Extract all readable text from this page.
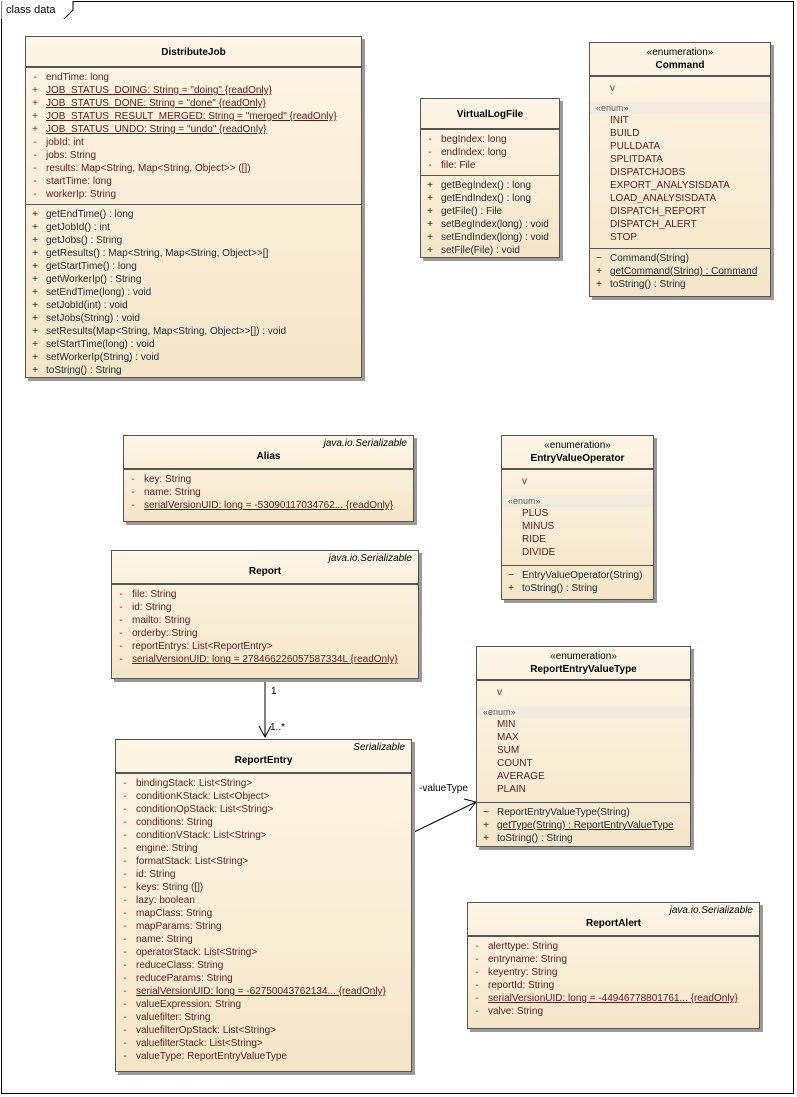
class data
1
1..*
-valueType
DistributeJob
- endTime: long
+ JOB_STATUS_DOING: String = "doing" {readOnly}
+ JOB_STATUS_DONE: String = "done" {readOnly}
+ JOB_STATUS_RESULT_MERGED: String = "merged" {readOnly}
+ JOB_STATUS_UNDO: String = "undo" {readOnly}
- jobId: int
- jobs: String
- results: Map<String, Map<String, Object>> ([])
- startTime: long
- workerIp: String
+ getEndTime() : long
+ getJobId() : int
+ getJobs() : String
+ getResults() : Map<String, Map<String, Object>>[]
+ getStartTime() : long
+ getWorkerIp() : String
+ setEndTime(long) : void
+ setJobId(int) : void
+ setJobs(String) : void
+ setResults(Map<String, Map<String, Object>>[]) : void
+ setStartTime(long) : void
+ setWorkerIp(String) : void
+ toString() : String
VirtualLogFile
- begIndex: long
- endIndex: long
- file: File
+ getBegIndex() : long
+ getEndIndex() : long
+ getFile() : File
+ setBegIndex(long) : void
+ setEndIndex(long) : void
+ setFile(File) : void
«enumeration»
Command
v
«enum»
INIT
BUILD
PULLDATA
SPLITDATA
DISPATCHJOBS
EXPORT_ANALYSISDATA
LOAD_ANALYSISDATA
DISPATCH_REPORT
DISPATCH_ALERT
STOP
~ Command(String)
+ getCommand(String) : Command
+ toString() : String
java.io.Serializable
Alias
- key: String
- name: String
- serialVersionUID: long = -53090117034762... {readOnly}
«enumeration»
EntryValueOperator
v
«enum»
PLUS
MINUS
RIDE
DIVIDE
~ EntryValueOperator(String)
+ toString() : String
java.io.Serializable
Report
- file: String
- id: String
- mailto: String
- orderby: String
- reportEntrys: List<ReportEntry>
- serialVersionUID: long = 278466226057587334L {readOnly}	«enumeration»
ReportEntryValueType
v
«enum»
MIN
MAX
SUM
COUNT
AVERAGE
PLAIN
~ ReportEntryValueType(String)
+ getType(String) : ReportEntryValueType
+ toString() : String
Serializable
ReportEntry
- bindingStack: List<String>
- conditionKStack: List<Object>
- conditionOpStack: List<String>
- conditions: String
- conditionVStack: List<String>
- engine: String
- formatStack: List<String>
- id: String
- keys: String ([])
- lazy: boolean
- mapClass: String
- mapParams: String
- name: String
- operatorStack: List<String>
- reduceClass: String
- reduceParams: String
- serialVersionUID: long = -62750043762134... {readOnly}
- valueExpression: String
- valuefilter: String
- valuefilterOpStack: List<String>
- valuefilterStack: List<String>
- valueType: ReportEntryValueType
java.io.Serializable
ReportAlert
- alerttype: String
- entryname: String
- keyentry: String
- reportId: String
- serialVersionUID: long = -44946778801761... {readOnly}
- valve: String
